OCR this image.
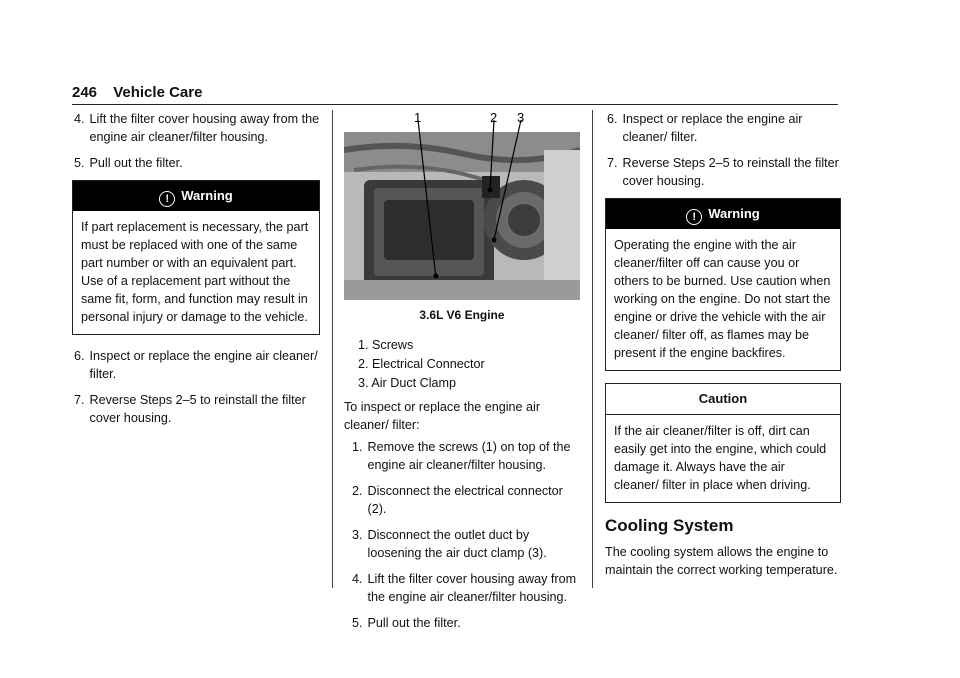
246 Vehicle Care
4. Lift the filter cover housing away from the engine air cleaner/filter housing.
5. Pull out the filter.
! Warning
If part replacement is necessary, the part must be replaced with one of the same part number or with an equivalent part. Use of a replacement part without the same fit, form, and function may result in personal injury or damage to the vehicle.
6. Inspect or replace the engine air cleaner/ filter.
7. Reverse Steps 2–5 to reinstall the filter cover housing.
1	2 3
3.6L V6 Engine
1. Screws
2. Electrical Connector
3. Air Duct Clamp
To inspect or replace the engine air cleaner/ filter:
1. Remove the screws (1) on top of the engine air cleaner/filter housing.
2. Disconnect the electrical connector (2).
3. Disconnect the outlet duct by loosening the air duct clamp (3).
4. Lift the filter cover housing away from the engine air cleaner/filter housing.
5. Pull out the filter.
6. Inspect or replace the engine air cleaner/ filter.
7. Reverse Steps 2–5 to reinstall the filter cover housing.
! Warning
Operating the engine with the air cleaner/filter off can cause you or others to be burned. Use caution when working on the engine. Do not start the engine or drive the vehicle with the air cleaner/ filter off, as flames may be present if the engine backfires.
Caution
If the air cleaner/filter is off, dirt can easily get into the engine, which could damage it. Always have the air cleaner/ filter in place when driving.
Cooling System
The cooling system allows the engine to maintain the correct working temperature.
